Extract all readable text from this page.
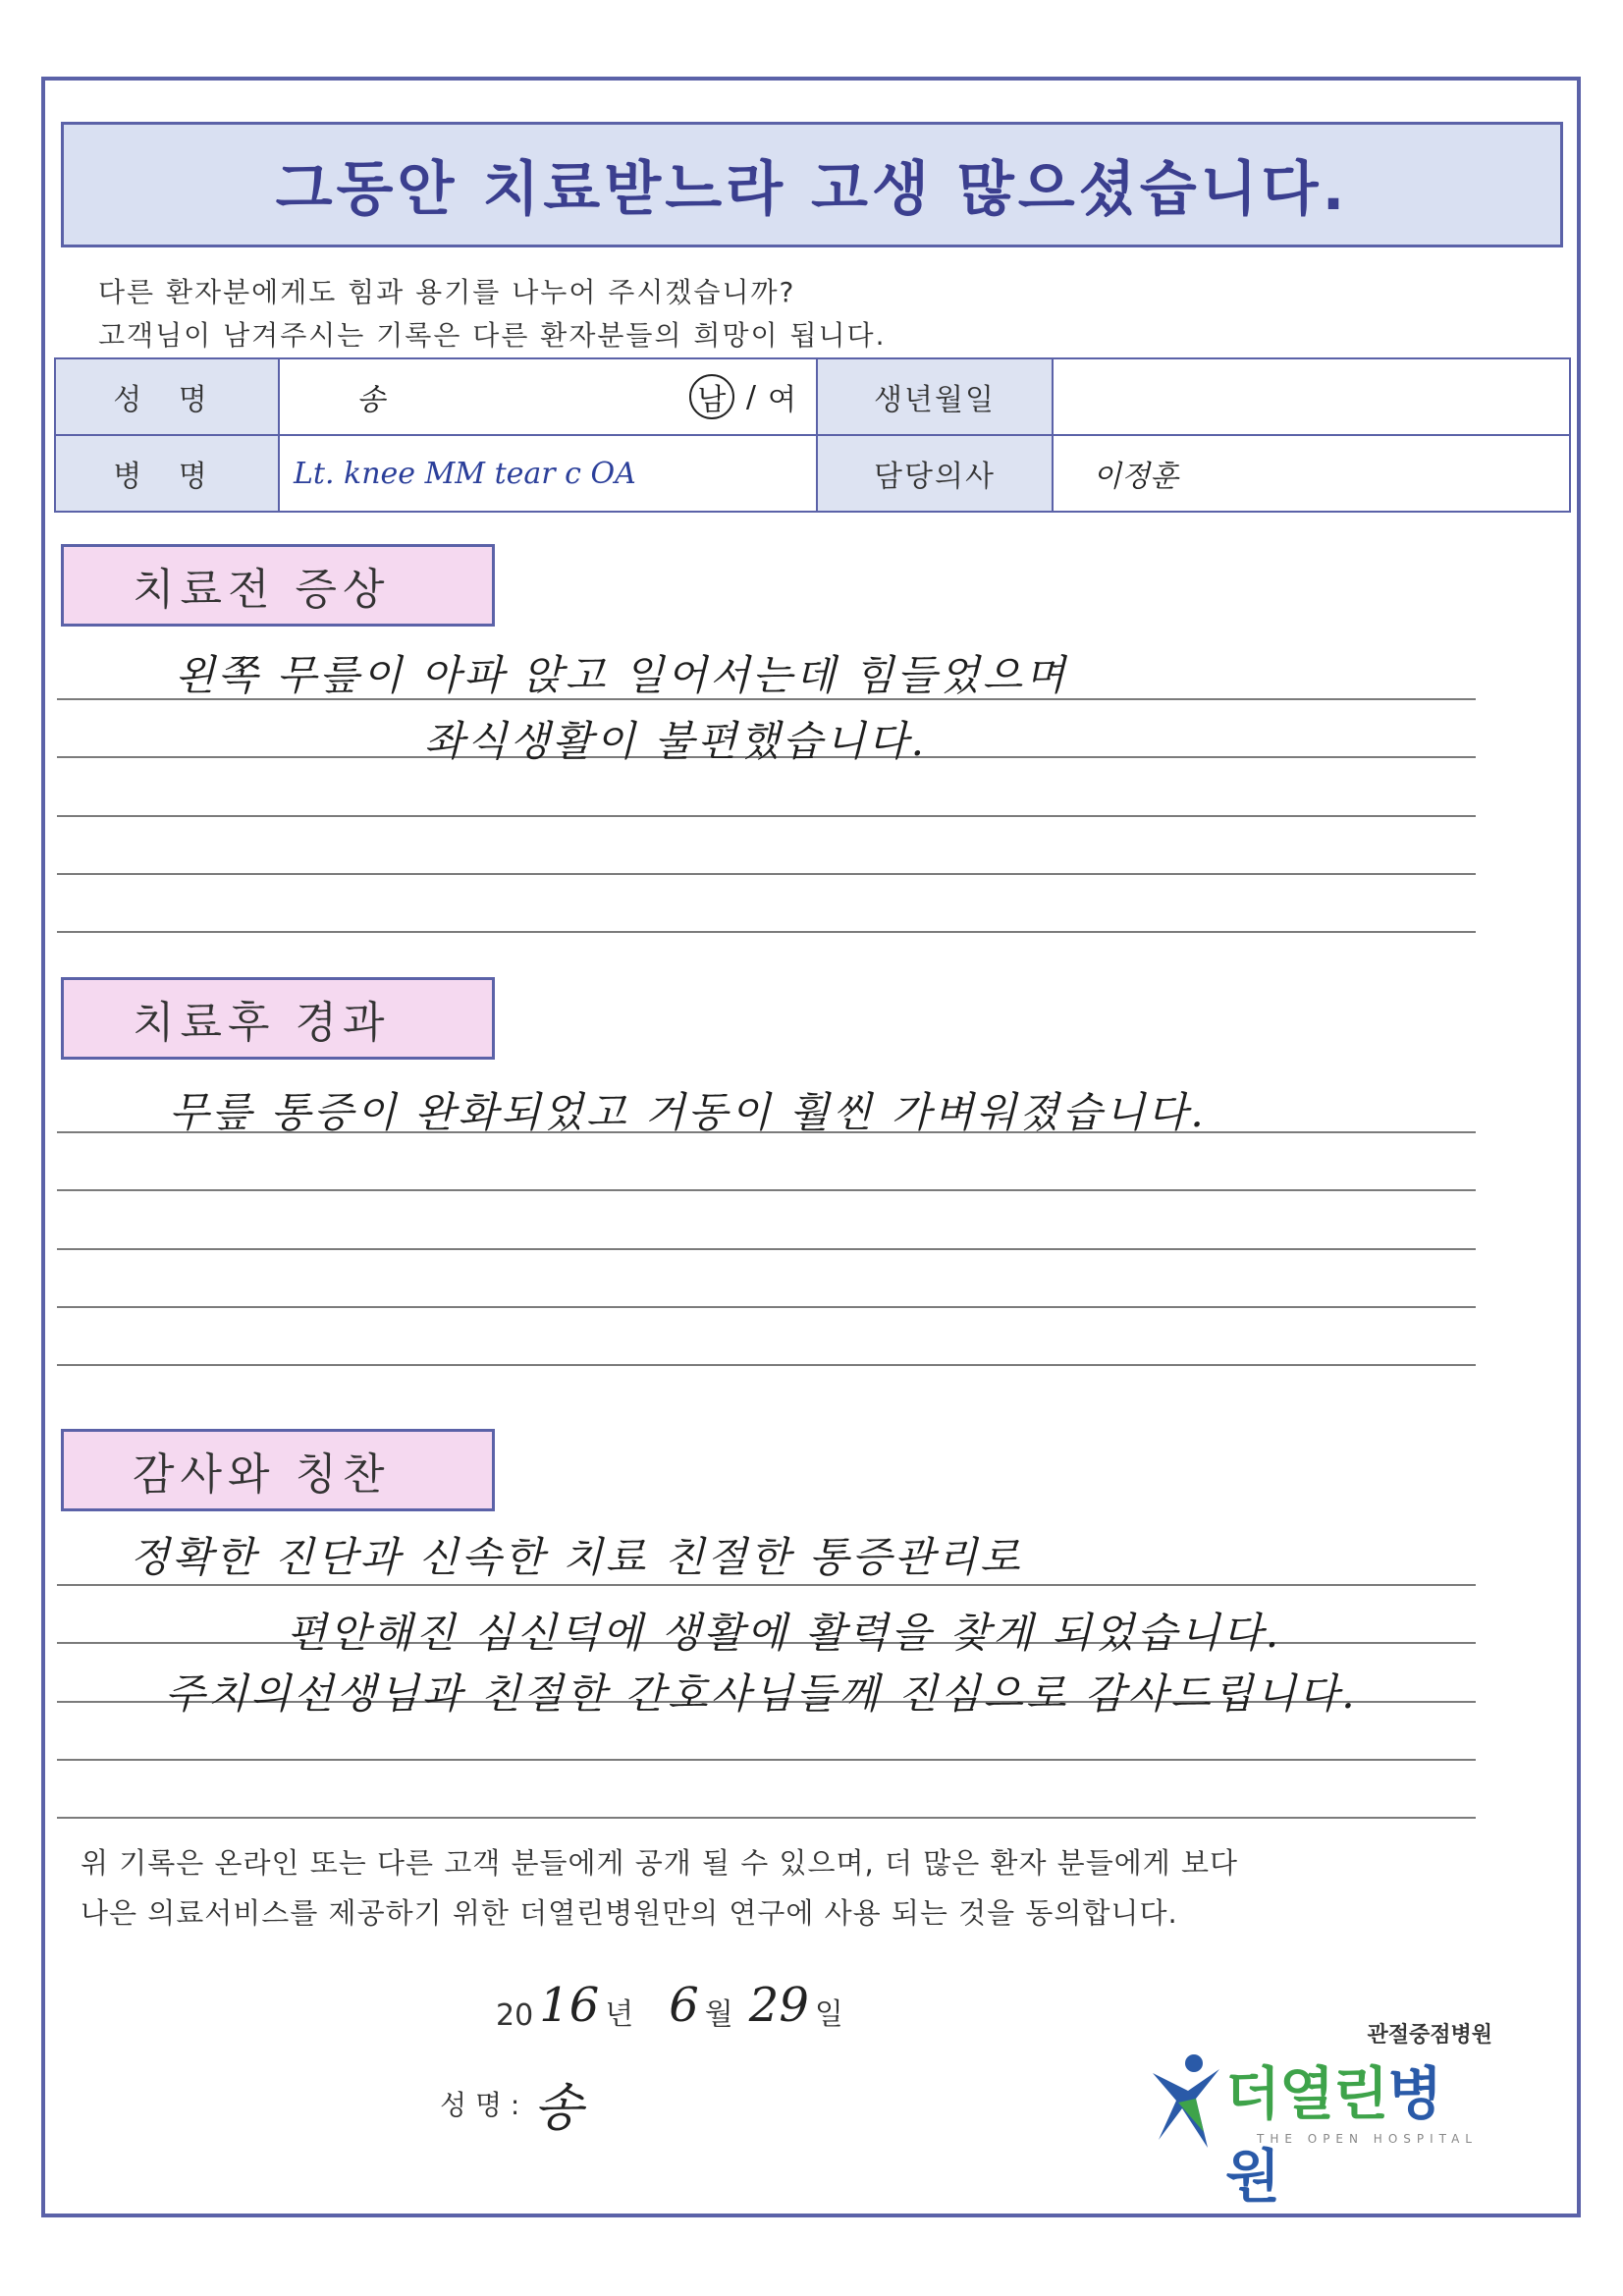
그동안 치료받느라 고생 많으셨습니다.
다른 환자분에게도 힘과 용기를 나누어 주시겠습니까?
고객님이 남겨주시는 기록은 다른 환자분들의 희망이 됩니다.
성 명	송 남 / 여	생년월일	
병 명	Lt. knee MM tear c OA	담당의사	이정훈
치료전 증상
왼쪽 무릎이 아파 앉고 일어서는데 힘들었으며
좌식생활이 불편했습니다.
치료후 경과
무릎 통증이 완화되었고 거동이 훨씬 가벼워졌습니다.
감사와 칭찬
정확한 진단과 신속한 치료 친절한 통증관리로
편안해진 심신덕에 생활에 활력을 찾게 되었습니다.
주치의선생님과 친절한 간호사님들께 진심으로 감사드립니다.
위 기록은 온라인 또는 다른 고객 분들에게 공개 될 수 있으며, 더 많은 환자 분들에게 보다
나은 의료서비스를 제공하기 위한 더열린병원만의 연구에 사용 되는 것을 동의합니다.
20 16 년 6 월 29 일
성 명 : 송
관절중점병원
더열린병원
THE OPEN HOSPITAL
